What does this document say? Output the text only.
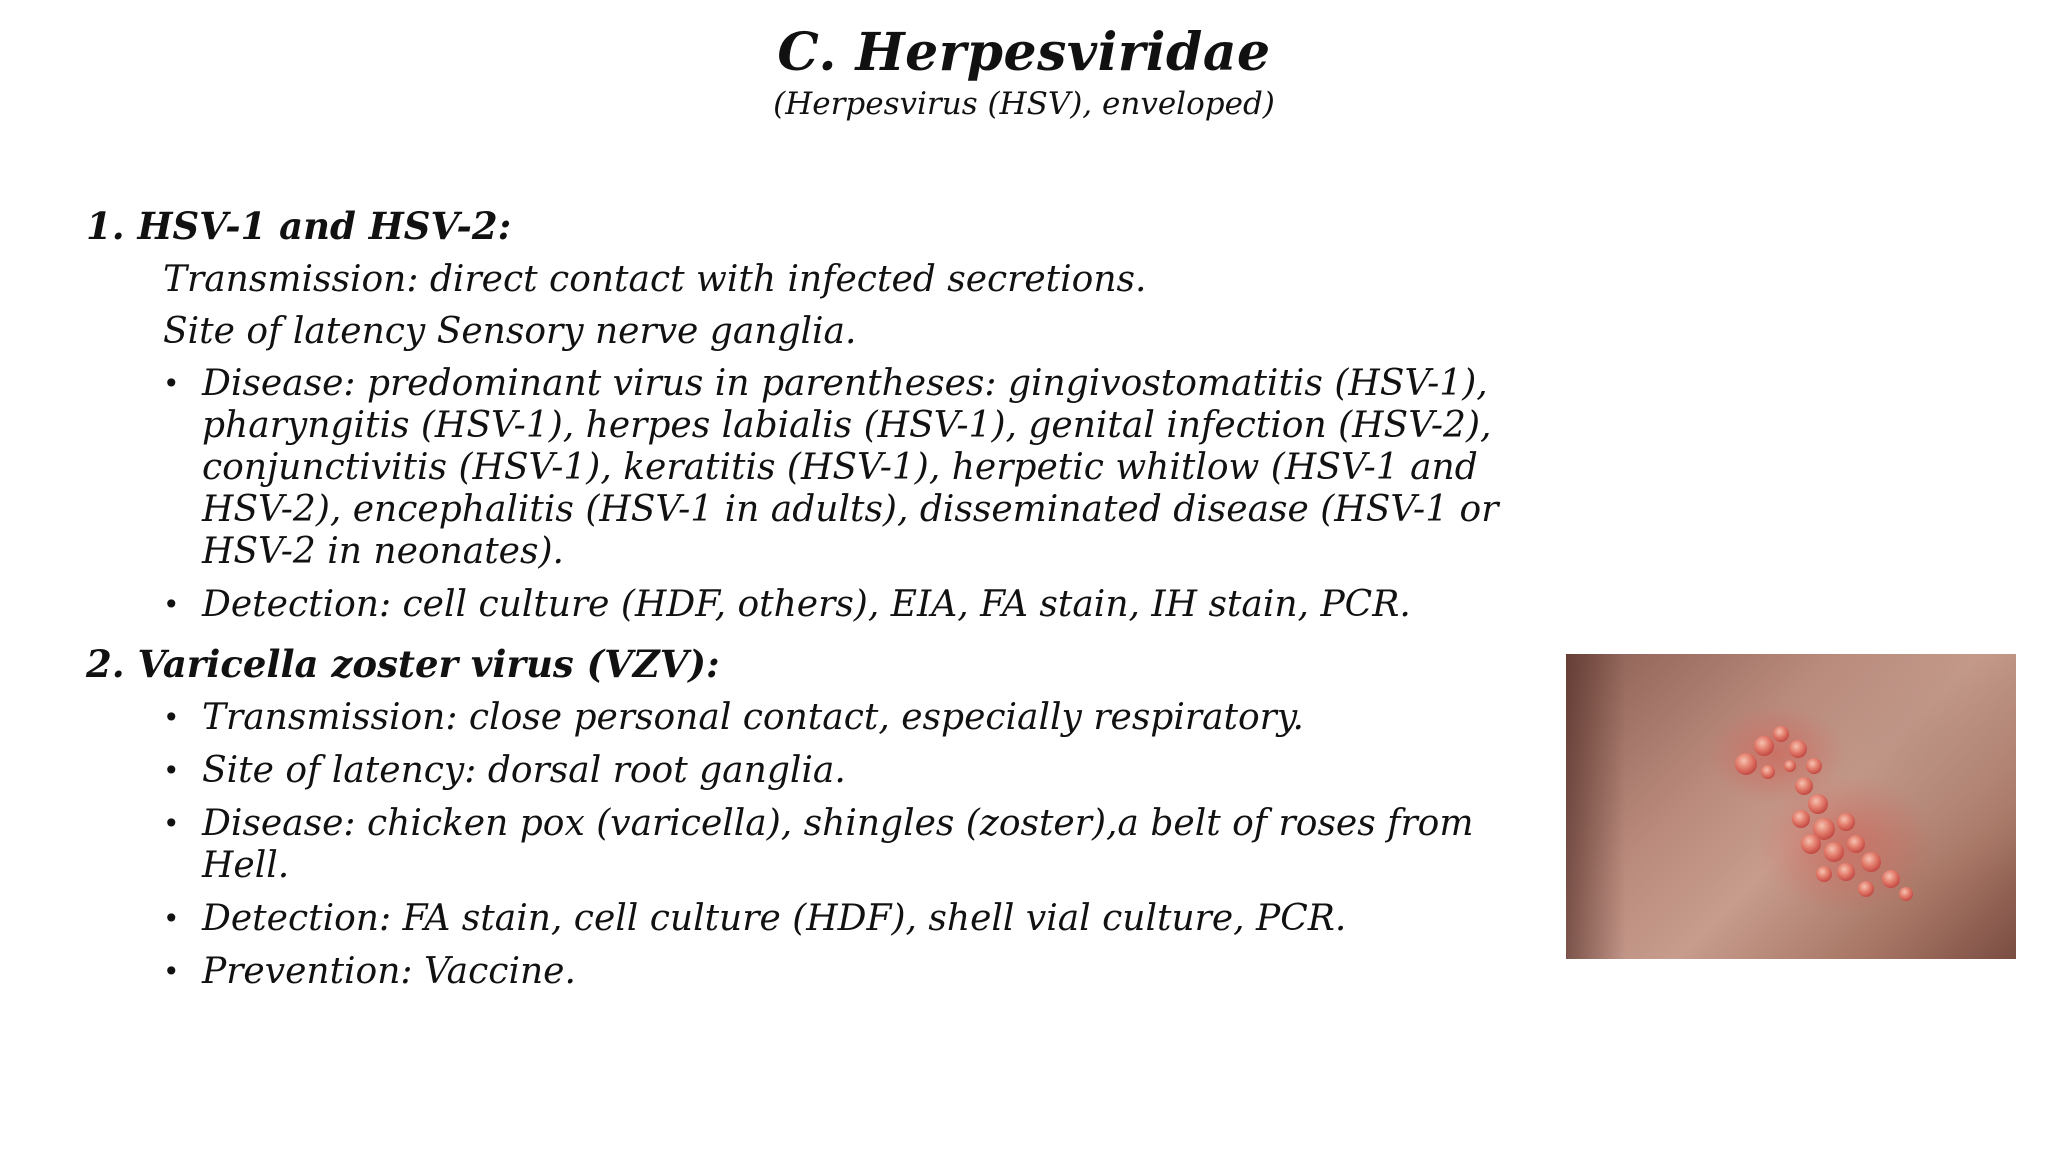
C. Herpesviridae
(Herpesvirus (HSV), enveloped)
1. HSV-1 and HSV-2:
Transmission: direct contact with infected secretions.
Site of latency Sensory nerve ganglia.
• Disease: predominant virus in parentheses: gingivostomatitis (HSV-1), pharyngitis (HSV-1), herpes labialis (HSV-1), genital infection (HSV-2), conjunctivitis (HSV-1), keratitis (HSV-1), herpetic whitlow (HSV-1 and HSV-2), encephalitis (HSV-1 in adults), disseminated disease (HSV-1 or HSV-2 in neonates).
• Detection: cell culture (HDF, others), EIA, FA stain, IH stain, PCR.
2. Varicella zoster virus (VZV):
• Transmission: close personal contact, especially respiratory.
• Site of latency: dorsal root ganglia.
• Disease: chicken pox (varicella), shingles (zoster),a belt of roses from Hell.
• Detection: FA stain, cell culture (HDF), shell vial culture, PCR.
• Prevention: Vaccine.
